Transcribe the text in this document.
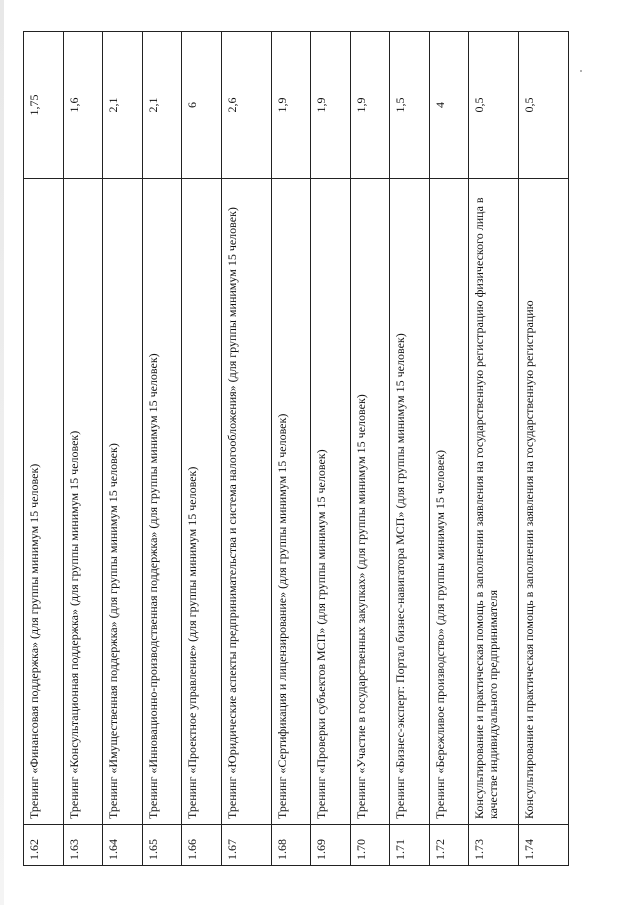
1.62	Тренинг «Финансовая поддержка» (для группы минимум 15 человек)	1,75
1.63	Тренинг «Консультационная поддержка» (для группы минимум 15 человек)	1,6
1.64	Тренинг «Имущественная поддержка» (для группы минимум 15 человек)	2,1
1.65	Тренинг «Инновационно-производственная поддержка» (для группы минимум 15 человек)	2,1
1.66	Тренинг «Проектное управление» (для группы минимум 15 человек)	6
1.67	Тренинг «Юридические аспекты предпринимательства и система налогообложения» (для группы минимум 15 человек)	2,6
1.68	Тренинг «Сертификация и лицензирование» (для группы минимум 15 человек)	1,9
1.69	Тренинг «Проверки субъектов МСП» (для группы минимум 15 человек)	1,9
1.70	Тренинг «Участие в государственных закупках» (для группы минимум 15 человек)	1,9
1.71	Тренинг «Бизнес-эксперт: Портал бизнес-навигатора МСП» (для группы минимум 15 человек)	1,5
1.72	Тренинг «Бережливое производство» (для группы минимум 15 человек)	4
1.73	Консультирование и практическая помощь в заполнении заявления на государственную регистрацию физического лица в качестве индивидуального предпринимателя	0,5
1.74	Консультирование и практическая помощь в заполнении заявления на государственную регистрацию	0,5
